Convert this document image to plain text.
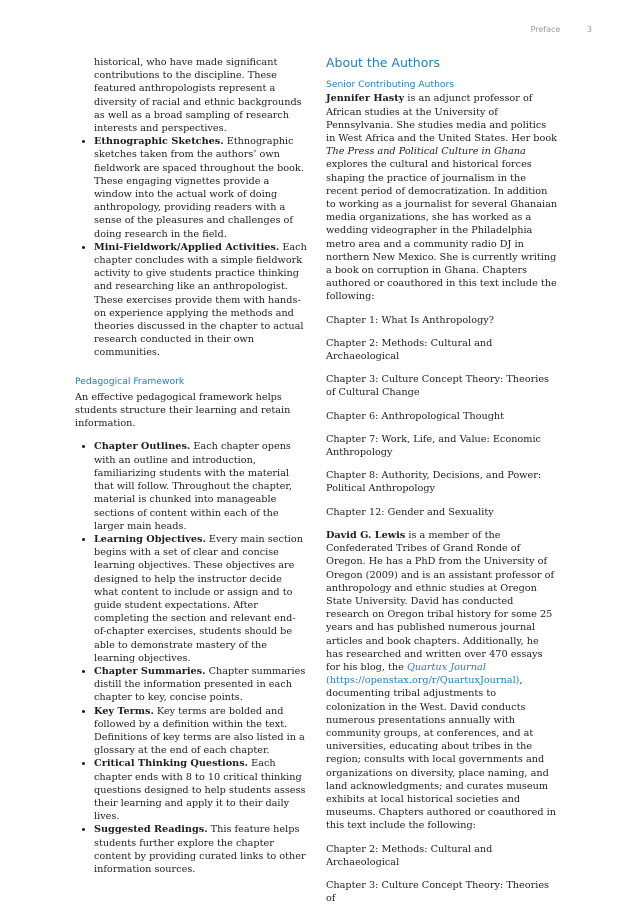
Preface	3
historical, who have made significant contributions to the discipline. These featured anthropologists represent a diversity of racial and ethnic backgrounds as well as a broad sampling of research interests and perspectives.
• Ethnographic Sketches. Ethnographic sketches taken from the authors’ own fieldwork are spaced throughout the book. These engaging vignettes provide a window into the actual work of doing anthropology, providing readers with a sense of the pleasures and challenges of doing research in the field.
• Mini-Fieldwork/Applied Activities. Each chapter concludes with a simple fieldwork activity to give students practice thinking and researching like an anthropologist. These exercises provide them with hands-on experience applying the methods and theories discussed in the chapter to actual research conducted in their own communities.
Pedagogical Framework

An effective pedagogical framework helps students structure their learning and retain information.

• Chapter Outlines. Each chapter opens with an outline and introduction, familiarizing students with the material that will follow. Throughout the chapter, material is chunked into manageable sections of content within each of the larger main heads.
• Learning Objectives. Every main section begins with a set of clear and concise learning objectives. These objectives are designed to help the instructor decide what content to include or assign and to guide student expectations. After completing the section and relevant end-of-chapter exercises, students should be able to demonstrate mastery of the learning objectives.
• Chapter Summaries. Chapter summaries distill the information presented in each chapter to key, concise points.
• Key Terms. Key terms are bolded and followed by a definition within the text. Definitions of key terms are also listed in a glossary at the end of each chapter.
• Critical Thinking Questions. Each chapter ends with 8 to 10 critical thinking questions designed to help students assess their learning and apply it to their daily lives.
• Suggested Readings. This feature helps students further explore the chapter content by providing curated links to other information sources.
About the Authors
Senior Contributing Authors

Jennifer Hasty is an adjunct professor of African studies at the University of Pennsylvania. She studies media and politics in West Africa and the United States. Her book The Press and Political Culture in Ghana explores the cultural and historical forces shaping the practice of journalism in the recent period of democratization. In addition to working as a journalist for several Ghanaian media organizations, she has worked as a wedding videographer in the Philadelphia metro area and a community radio DJ in northern New Mexico. She is currently writing a book on corruption in Ghana. Chapters authored or coauthored in this text include the following:

Chapter 1: What Is Anthropology?

Chapter 2: Methods: Cultural and Archaeological

Chapter 3: Culture Concept Theory: Theories of Cultural Change

Chapter 6: Anthropological Thought

Chapter 7: Work, Life, and Value: Economic Anthropology

Chapter 8: Authority, Decisions, and Power: Political Anthropology

Chapter 12: Gender and Sexuality

David G. Lewis is a member of the Confederated Tribes of Grand Ronde of Oregon. He has a PhD from the University of Oregon (2009) and is an assistant professor of anthropology and ethnic studies at Oregon State University. David has conducted research on Oregon tribal history for some 25 years and has published numerous journal articles and book chapters. Additionally, he has researched and written over 470 essays for his blog, the Quartux Journal (https://openstax.org/r/QuartuxJournal), documenting tribal adjustments to colonization in the West. David conducts numerous presentations annually with community groups, at conferences, and at universities, educating about tribes in the region; consults with local governments and organizations on diversity, place naming, and land acknowledgments; and curates museum exhibits at local historical societies and museums. Chapters authored or coauthored in this text include the following:

Chapter 2: Methods: Cultural and Archaeological

Chapter 3: Culture Concept Theory: Theories of
